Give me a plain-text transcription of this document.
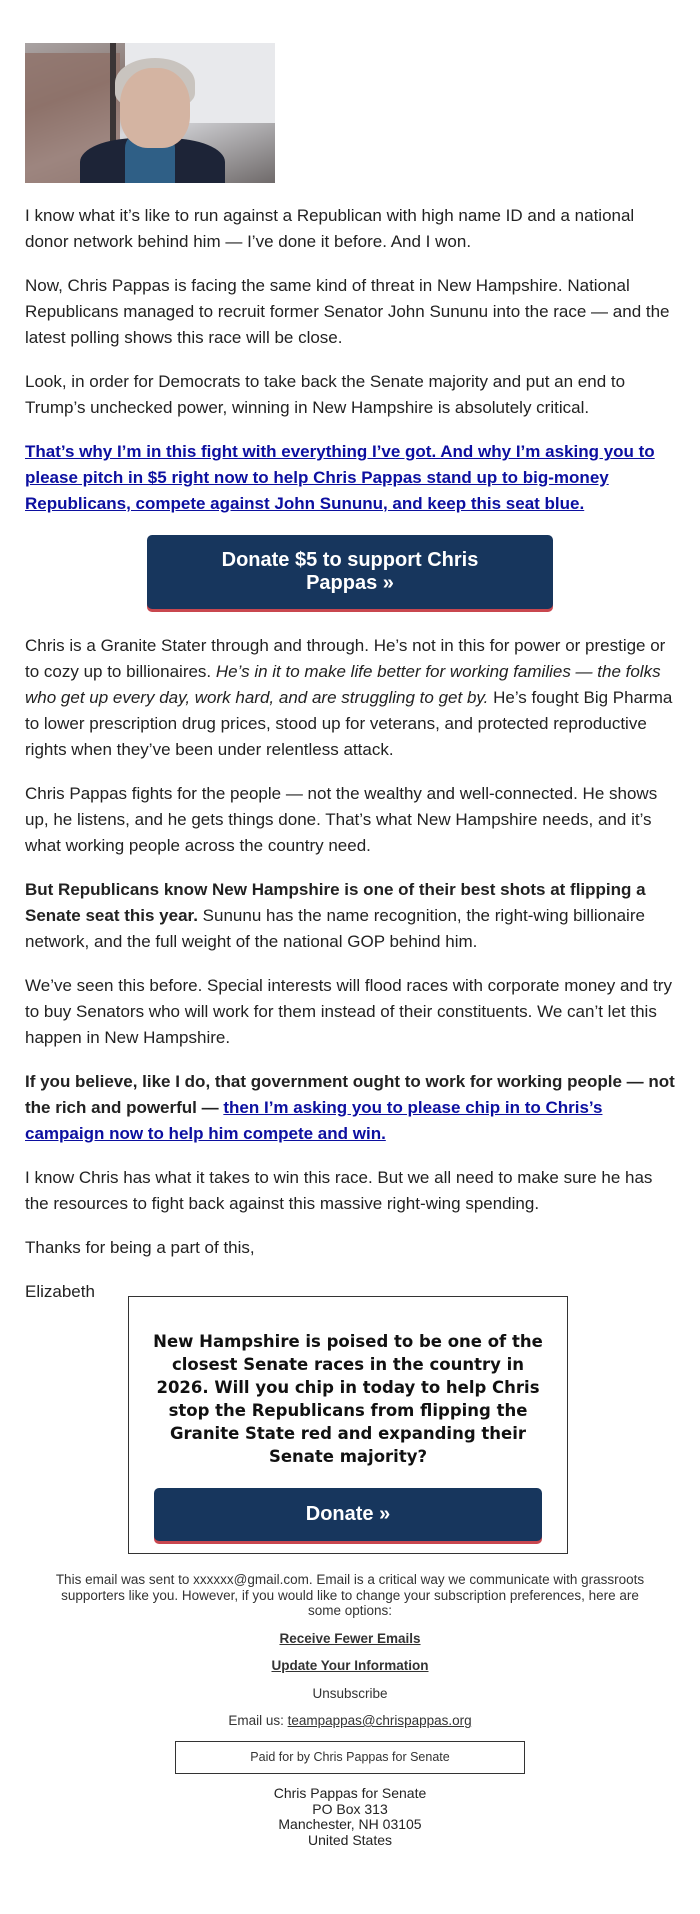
I know what it’s like to run against a Republican with high name ID and a national donor network behind him — I’ve done it before. And I won.

Now, Chris Pappas is facing the same kind of threat in New Hampshire. National Republicans managed to recruit former Senator John Sununu into the race — and the latest polling shows this race will be close.

Look, in order for Democrats to take back the Senate majority and put an end to Trump’s unchecked power, winning in New Hampshire is absolutely critical.

That’s why I’m in this fight with everything I’ve got. And why I’m asking you to please pitch in $5 right now to help Chris Pappas stand up to big-money Republicans, compete against John Sununu, and keep this seat blue.

Donate $5 to support Chris Pappas »

Chris is a Granite Stater through and through. He’s not in this for power or prestige or to cozy up to billionaires. He’s in it to make life better for working families — the folks who get up every day, work hard, and are struggling to get by. He’s fought Big Pharma to lower prescription drug prices, stood up for veterans, and protected reproductive rights when they’ve been under relentless attack.

Chris Pappas fights for the people — not the wealthy and well-connected. He shows up, he listens, and he gets things done. That’s what New Hampshire needs, and it’s what working people across the country need.

But Republicans know New Hampshire is one of their best shots at flipping a Senate seat this year. Sununu has the name recognition, the right-wing billionaire network, and the full weight of the national GOP behind him.

We’ve seen this before. Special interests will flood races with corporate money and try to buy Senators who will work for them instead of their constituents. We can’t let this happen in New Hampshire.

If you believe, like I do, that government ought to work for working people — not the rich and powerful — then I’m asking you to please chip in to Chris’s campaign now to help him compete and win.

I know Chris has what it takes to win this race. But we all need to make sure he has the resources to fight back against this massive right-wing spending.

Thanks for being a part of this,

Elizabeth

New Hampshire is poised to be one of the closest Senate races in the country in 2026. Will you chip in today to help Chris stop the Republicans from flipping the Granite State red and expanding their Senate majority?
Donate »
This email was sent to xxxxxx@gmail.com. Email is a critical way we communicate with grassroots supporters like you. However, if you would like to change your subscription preferences, here are some options:
Receive Fewer Emails
Update Your Information
Unsubscribe
Email us: teampappas@chrispappas.org
Paid for by Chris Pappas for Senate
Chris Pappas for Senate
PO Box 313
Manchester, NH 03105
United States
